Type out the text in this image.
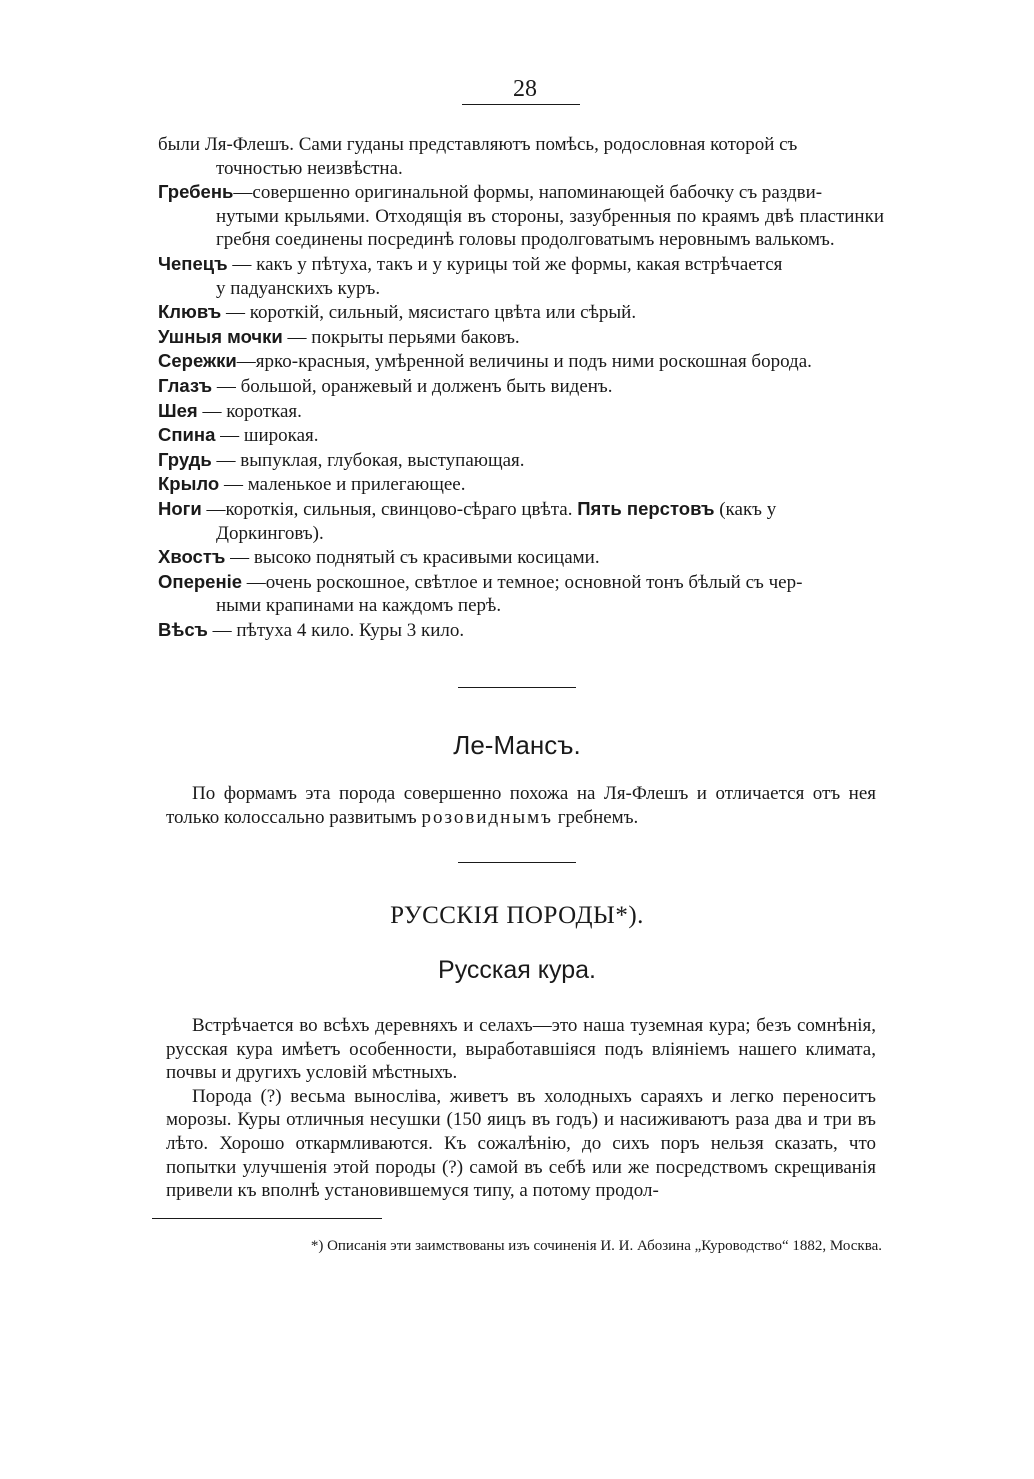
28

были Ля-Флешъ. Сами гуданы представляютъ помѣсь, родословная которой съ
точностью неизвѣстна.

Гребень—совершенно оригинальной формы, напоминающей бабочку съ раздви-
нутыми крыльями. Отходящія въ стороны, зазубренныя по краямъ двѣ пластинки гребня соединены посрединѣ головы продолговатымъ неровнымъ валькомъ.

Чепецъ — какъ у пѣтуха, такъ и у курицы той же формы, какая встрѣчается
у падуанскихъ куръ.

Клювъ — короткій, сильный, мясистаго цвѣта или сѣрый.

Ушныя мочки — покрыты перьями баковъ.

Сережки—ярко-красныя, умѣренной величины и подъ ними роскошная борода.

Глазъ — большой, оранжевый и долженъ быть виденъ.

Шея — короткая.

Спина — широкая.

Грудь — выпуклая, глубокая, выступающая.

Крыло — маленькое и прилегающее.

Ноги —короткія, сильныя, свинцово-сѣраго цвѣта. Пять перстовъ (какъ у
Доркинговъ).

Хвостъ — высоко поднятый съ красивыми косицами.

Опереніе —очень роскошное, свѣтлое и темное; основной тонъ бѣлый съ чер-
ными крапинами на каждомъ перѣ.

Вѣсъ — пѣтуха 4 кило. Куры 3 кило.

Ле-Мансъ.

По формамъ эта порода совершенно похожа на Ля-Флешъ и отличается отъ нея только колоссально развитымъ розовиднымъ гребнемъ.

РУССКІЯ ПОРОДЫ*).
Русская кура.

Встрѣчается во всѣхъ деревняхъ и селахъ—это наша туземная кура; безъ сомнѣнія, русская кура имѣетъ особенности, выработавшіяся подъ вліяніемъ нашего климата, почвы и другихъ условій мѣстныхъ.

Порода (?) весьма выносліва, живетъ въ холодныхъ сараяхъ и легко переноситъ морозы. Куры отличныя несушки (150 яицъ въ годъ) и насиживаютъ раза два и три въ лѣто. Хорошо откармливаются. Къ сожалѣнію, до сихъ поръ нельзя сказать, что попытки улучшенія этой породы (?) самой въ себѣ или же посредствомъ скрещиванія привели къ вполнѣ установившемуся типу, а потому продол-

*) Описанія эти заимствованы изъ сочиненія И. И. Абозина „Куроводство“ 1882, Москва.
